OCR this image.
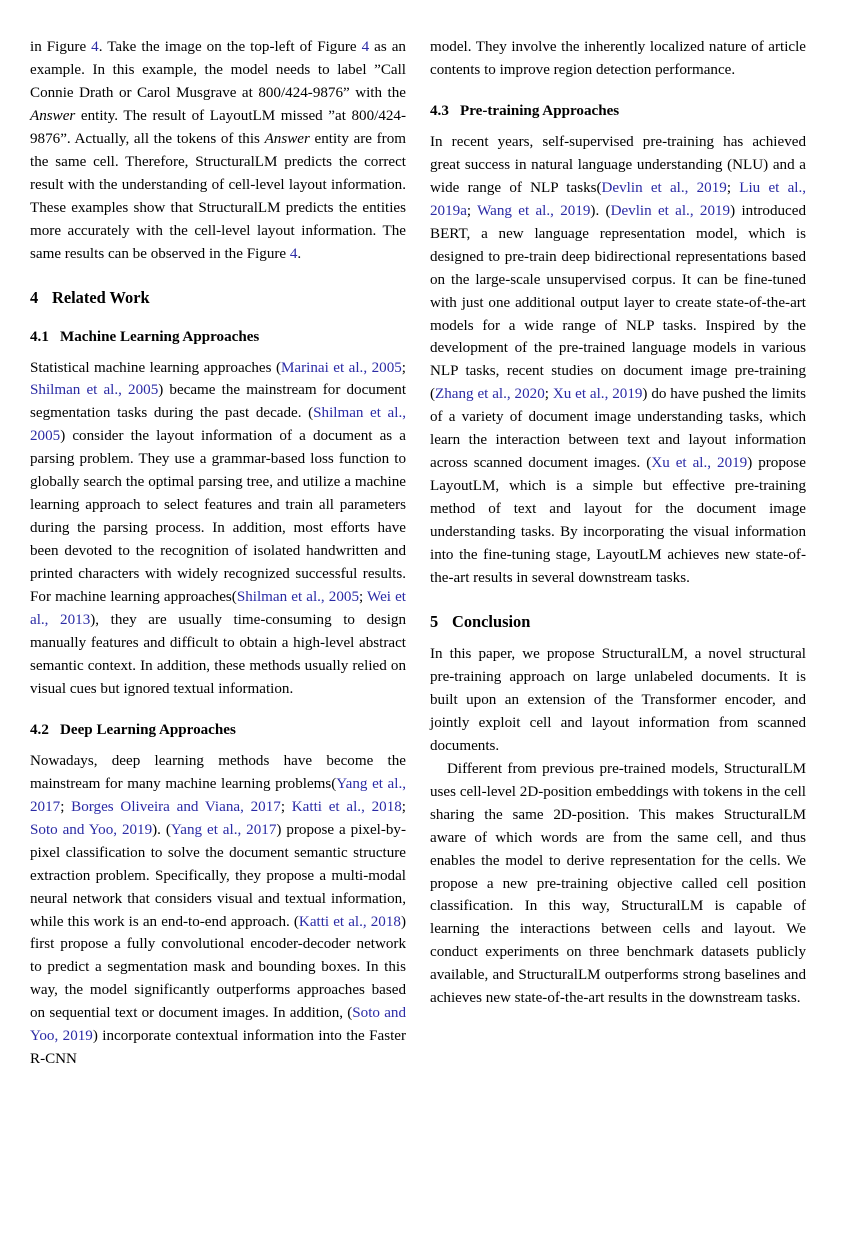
in Figure 4. Take the image on the top-left of Figure 4 as an example. In this example, the model needs to label ”Call Connie Drath or Carol Musgrave at 800/424-9876” with the Answer entity. The result of LayoutLM missed ”at 800/424-9876”. Actually, all the tokens of this Answer entity are from the same cell. Therefore, StructuralLM predicts the correct result with the understanding of cell-level layout information. These examples show that StructuralLM predicts the entities more accurately with the cell-level layout information. The same results can be observed in the Figure 4.

4 Related Work
4.1 Machine Learning Approaches

Statistical machine learning approaches (Marinai et al., 2005; Shilman et al., 2005) became the mainstream for document segmentation tasks during the past decade. (Shilman et al., 2005) consider the layout information of a document as a parsing problem. They use a grammar-based loss function to globally search the optimal parsing tree, and utilize a machine learning approach to select features and train all parameters during the parsing process. In addition, most efforts have been devoted to the recognition of isolated handwritten and printed characters with widely recognized successful results. For machine learning approaches(Shilman et al., 2005; Wei et al., 2013), they are usually time-consuming to design manually features and difficult to obtain a high-level abstract semantic context. In addition, these methods usually relied on visual cues but ignored textual information.

4.2 Deep Learning Approaches

Nowadays, deep learning methods have become the mainstream for many machine learning problems(Yang et al., 2017; Borges Oliveira and Viana, 2017; Katti et al., 2018; Soto and Yoo, 2019). (Yang et al., 2017) propose a pixel-by-pixel classification to solve the document semantic structure extraction problem. Specifically, they propose a multi-modal neural network that considers visual and textual information, while this work is an end-to-end approach. (Katti et al., 2018) first propose a fully convolutional encoder-decoder network to predict a segmentation mask and bounding boxes. In this way, the model significantly outperforms approaches based on sequential text or document images. In addition, (Soto and Yoo, 2019) incorporate contextual information into the Faster R-CNN

model. They involve the inherently localized nature of article contents to improve region detection performance.

4.3 Pre-training Approaches

In recent years, self-supervised pre-training has achieved great success in natural language understanding (NLU) and a wide range of NLP tasks(Devlin et al., 2019; Liu et al., 2019a; Wang et al., 2019). (Devlin et al., 2019) introduced BERT, a new language representation model, which is designed to pre-train deep bidirectional representations based on the large-scale unsupervised corpus. It can be fine-tuned with just one additional output layer to create state-of-the-art models for a wide range of NLP tasks. Inspired by the development of the pre-trained language models in various NLP tasks, recent studies on document image pre-training (Zhang et al., 2020; Xu et al., 2019) do have pushed the limits of a variety of document image understanding tasks, which learn the interaction between text and layout information across scanned document images. (Xu et al., 2019) propose LayoutLM, which is a simple but effective pre-training method of text and layout for the document image understanding tasks. By incorporating the visual information into the fine-tuning stage, LayoutLM achieves new state-of-the-art results in several downstream tasks.

5 Conclusion

In this paper, we propose StructuralLM, a novel structural pre-training approach on large unlabeled documents. It is built upon an extension of the Transformer encoder, and jointly exploit cell and layout information from scanned documents.

Different from previous pre-trained models, StructuralLM uses cell-level 2D-position embeddings with tokens in the cell sharing the same 2D-position. This makes StructuralLM aware of which words are from the same cell, and thus enables the model to derive representation for the cells. We propose a new pre-training objective called cell position classification. In this way, StructuralLM is capable of learning the interactions between cells and layout. We conduct experiments on three benchmark datasets publicly available, and StructuralLM outperforms strong baselines and achieves new state-of-the-art results in the downstream tasks.
